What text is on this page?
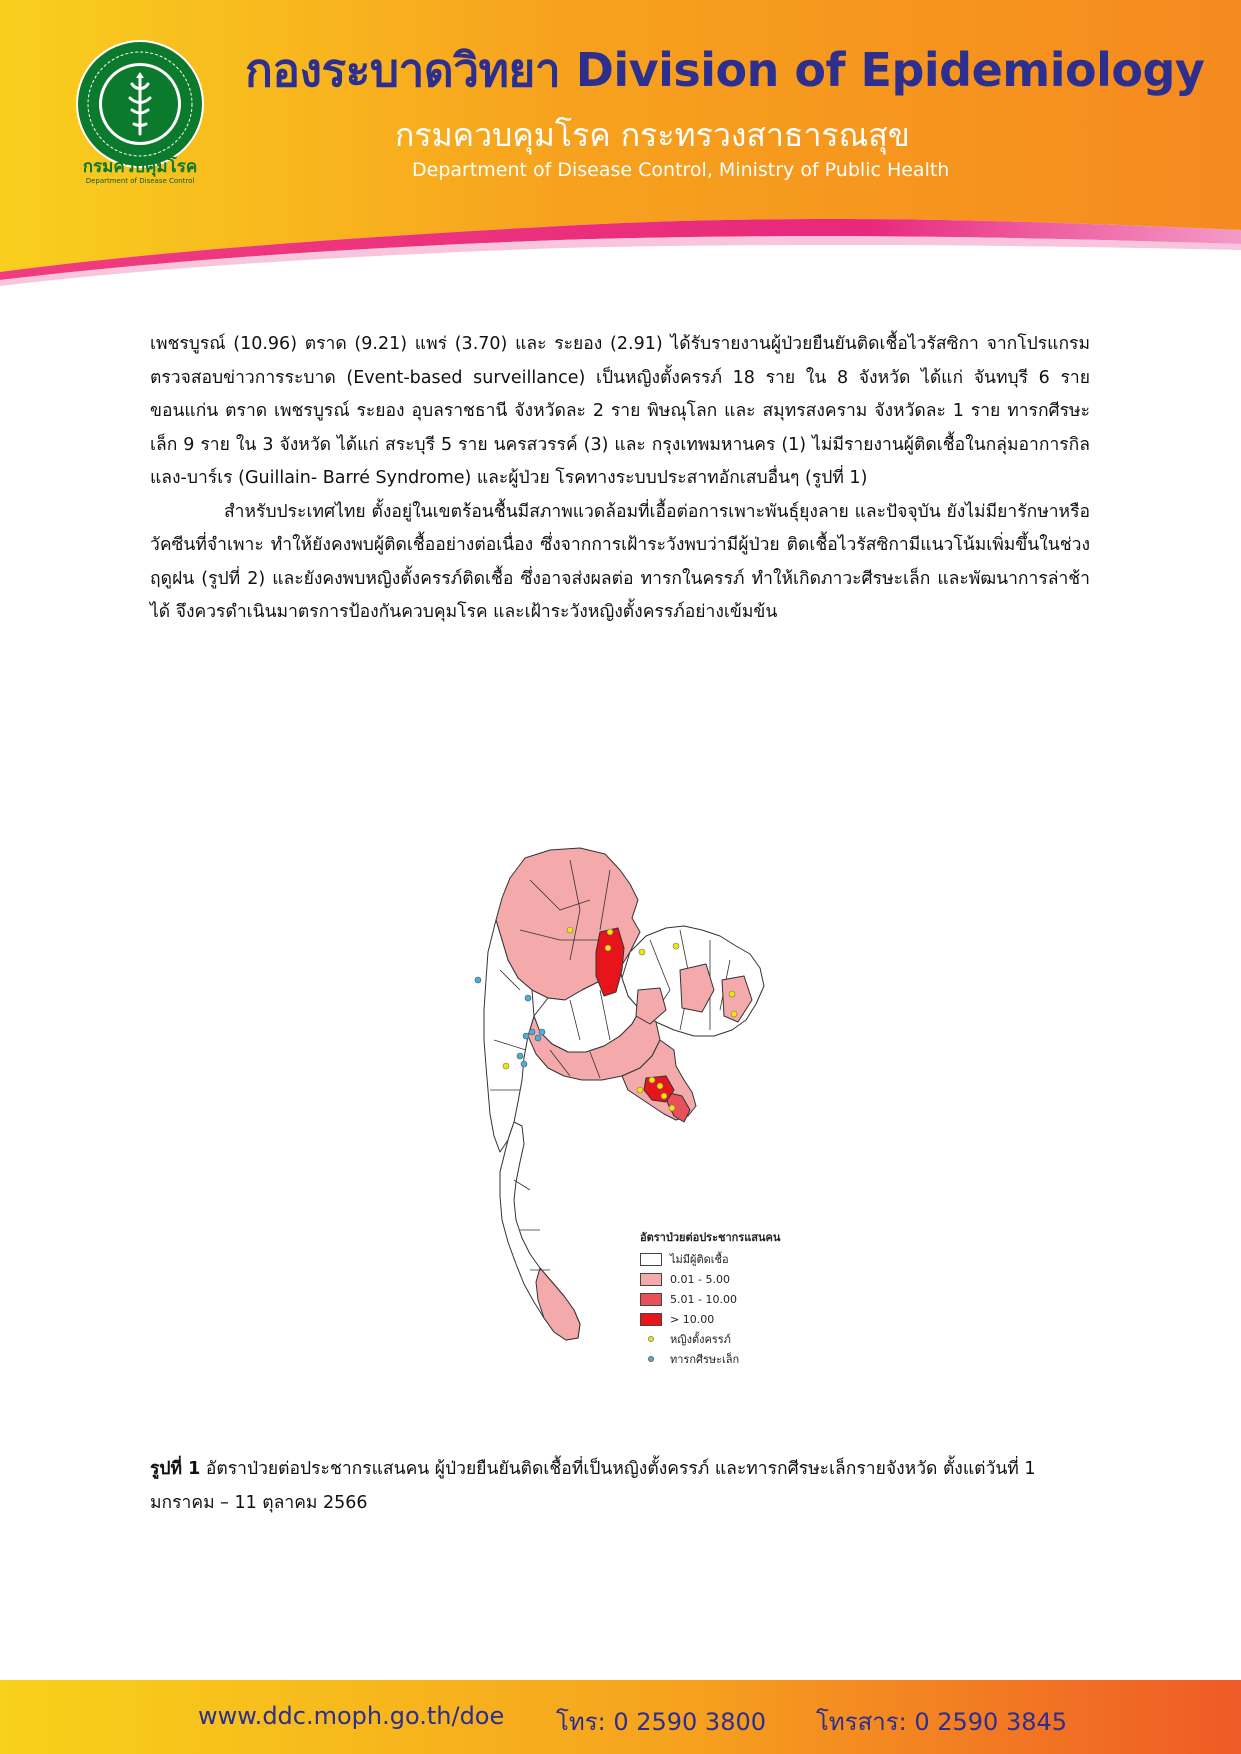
กรมควบคุมโรค
Department of Disease Control
กองระบาดวิทยา Division of Epidemiology
กรมควบคุมโรค กระทรวงสาธารณสุข
Department of Disease Control, Ministry of Public Health

เพชรบูรณ์ (10.96) ตราด (9.21) แพร่ (3.70) และ ระยอง (2.91) ได้รับรายงานผู้ป่วยยืนยันติดเชื้อไวรัสซิกา จากโปรแกรมตรวจสอบข่าวการระบาด (Event-based surveillance) เป็นหญิงตั้งครรภ์ 18 ราย ใน 8 จังหวัด ได้แก่ จันทบุรี 6 ราย ขอนแก่น ตราด เพชรบูรณ์ ระยอง อุบลราชธานี จังหวัดละ 2 ราย พิษณุโลก และ สมุทรสงคราม จังหวัดละ 1 ราย ทารกศีรษะเล็ก 9 ราย ใน 3 จังหวัด ได้แก่ สระบุรี 5 ราย นครสวรรค์ (3) และ กรุงเทพมหานคร (1) ไม่มีรายงานผู้ติดเชื้อในกลุ่มอาการกิลแลง-บาร์เร (Guillain- Barré Syndrome) และผู้ป่วย โรคทางระบบประสาทอักเสบอื่นๆ (รูปที่ 1)

สำหรับประเทศไทย ตั้งอยู่ในเขตร้อนชื้นมีสภาพแวดล้อมที่เอื้อต่อการเพาะพันธุ์ยุงลาย และปัจจุบัน ยังไม่มียารักษาหรือวัคซีนที่จำเพาะ ทำให้ยังคงพบผู้ติดเชื้ออย่างต่อเนื่อง ซึ่งจากการเฝ้าระวังพบว่ามีผู้ป่วย ติดเชื้อไวรัสซิกามีแนวโน้มเพิ่มขึ้นในช่วงฤดูฝน (รูปที่ 2) และยังคงพบหญิงตั้งครรภ์ติดเชื้อ ซึ่งอาจส่งผลต่อ ทารกในครรภ์ ทำให้เกิดภาวะศีรษะเล็ก และพัฒนาการล่าช้าได้ จึงควรดำเนินมาตรการป้องกันควบคุมโรค และเฝ้าระวังหญิงตั้งครรภ์อย่างเข้มข้น

อัตราป่วยต่อประชากรแสนคน
ไม่มีผู้ติดเชื้อ
0.01 - 5.00
5.01 - 10.00
> 10.00
หญิงตั้งครรภ์
ทารกศีรษะเล็ก

รูปที่ 1 อัตราป่วยต่อประชากรแสนคน ผู้ป่วยยืนยันติดเชื้อที่เป็นหญิงตั้งครรภ์ และทารกศีรษะเล็กรายจังหวัด ตั้งแต่วันที่ 1 มกราคม – 11 ตุลาคม 2566

www.ddc.moph.go.th/doe โทร: 0 2590 3800 โทรสาร: 0 2590 3845
